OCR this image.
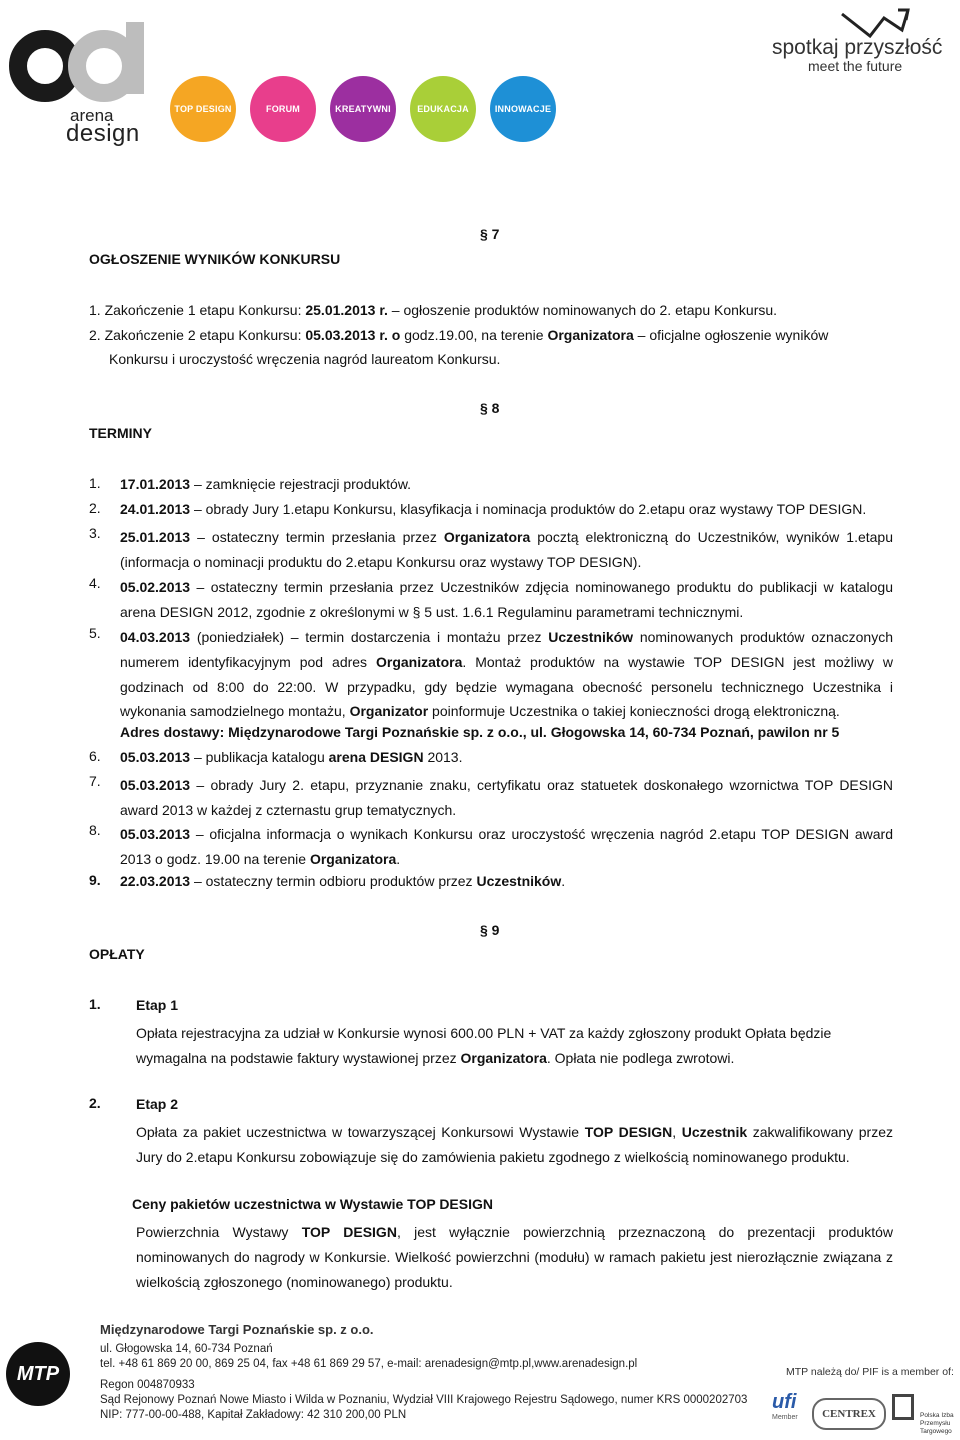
arena
design
TOP DESIGN	FORUM	KREATYWNI	EDUKACJA	INNOWACJE
spotkaj przyszłość
meet the future
§ 7
OGŁOSZENIE WYNIKÓW KONKURSU
1. Zakończenie 1 etapu Konkursu: 25.01.2013 r. – ogłoszenie produktów nominowanych do 2. etapu Konkursu.
2. Zakończenie 2 etapu Konkursu: 05.03.2013 r. o godz.19.00, na terenie Organizatora – oficjalne ogłoszenie wyników
Konkursu i uroczystość wręczenia nagród laureatom Konkursu.
§ 8
TERMINY
1. 17.01.2013 – zamknięcie rejestracji produktów.
2. 24.01.2013 – obrady Jury 1.etapu Konkursu, klasyfikacja i nominacja produktów do 2.etapu oraz wystawy TOP DESIGN.
3. 25.01.2013 – ostateczny termin przesłania przez Organizatora pocztą elektroniczną do Uczestników, wyników 1.etapu (informacja o nominacji produktu do 2.etapu Konkursu oraz wystawy TOP DESIGN).
4. 05.02.2013 – ostateczny termin przesłania przez Uczestników zdjęcia nominowanego produktu do publikacji w katalogu arena DESIGN 2012, zgodnie z określonymi w § 5 ust. 1.6.1 Regulaminu parametrami technicznymi.
5. 04.03.2013 (poniedziałek) – termin dostarczenia i montażu przez Uczestników nominowanych produktów oznaczonych numerem identyfikacyjnym pod adres Organizatora. Montaż produktów na wystawie TOP DESIGN jest możliwy w godzinach od 8:00 do 22:00. W przypadku, gdy będzie wymagana obecność personelu technicznego Uczestnika i wykonania samodzielnego montażu, Organizator poinformuje Uczestnika o takiej konieczności drogą elektroniczną.
Adres dostawy: Międzynarodowe Targi Poznańskie sp. z o.o., ul. Głogowska 14, 60-734 Poznań, pawilon nr 5
6. 05.03.2013 – publikacja katalogu arena DESIGN 2013.
7. 05.03.2013 – obrady Jury 2. etapu, przyznanie znaku, certyfikatu oraz statuetek doskonałego wzornictwa TOP DESIGN award 2013 w każdej z czternastu grup tematycznych.
8. 05.03.2013 – oficjalna informacja o wynikach Konkursu oraz uroczystość wręczenia nagród 2.etapu TOP DESIGN award 2013 o godz. 19.00 na terenie Organizatora.
9. 22.03.2013 – ostateczny termin odbioru produktów przez Uczestników.
§ 9
OPŁATY
1.	Etap 1
Opłata rejestracyjna za udział w Konkursie wynosi 600.00 PLN + VAT za każdy zgłoszony produkt Opłata będzie wymagalna na podstawie faktury wystawionej przez Organizatora. Opłata nie podlega zwrotowi.
2.	Etap 2
Opłata za pakiet uczestnictwa w towarzyszącej Konkursowi Wystawie TOP DESIGN, Uczestnik zakwalifikowany przez Jury do 2.etapu Konkursu zobowiązuje się do zamówienia pakietu zgodnego z wielkością nominowanego produktu.
Ceny pakietów uczestnictwa w Wystawie TOP DESIGN
Powierzchnia Wystawy TOP DESIGN, jest wyłącznie powierzchnią przeznaczoną do prezentacji produktów nominowanych do nagrody w Konkursie. Wielkość powierzchni (modułu) w ramach pakietu jest nierozłącznie związana z wielkością zgłoszonego (nominowanego) produktu.
MTP
Międzynarodowe Targi Poznańskie sp. z o.o.
ul. Głogowska 14, 60-734 Poznań
tel. +48 61 869 20 00, 869 25 04, fax +48 61 869 29 57, e-mail: arenadesign@mtp.pl,www.arenadesign.pl
Regon 004870933
Sąd Rejonowy Poznań Nowe Miasto i Wilda w Poznaniu, Wydział VIII Krajowego Rejestru Sądowego, numer KRS 0000202703
NIP: 777-00-00-488, Kapitał Zakładowy: 42 310 200,00 PLN
MTP należą do/ PIF is a member of:
ufi
Member	CENTREX	Polska Izba
Przemysłu
Targowego
